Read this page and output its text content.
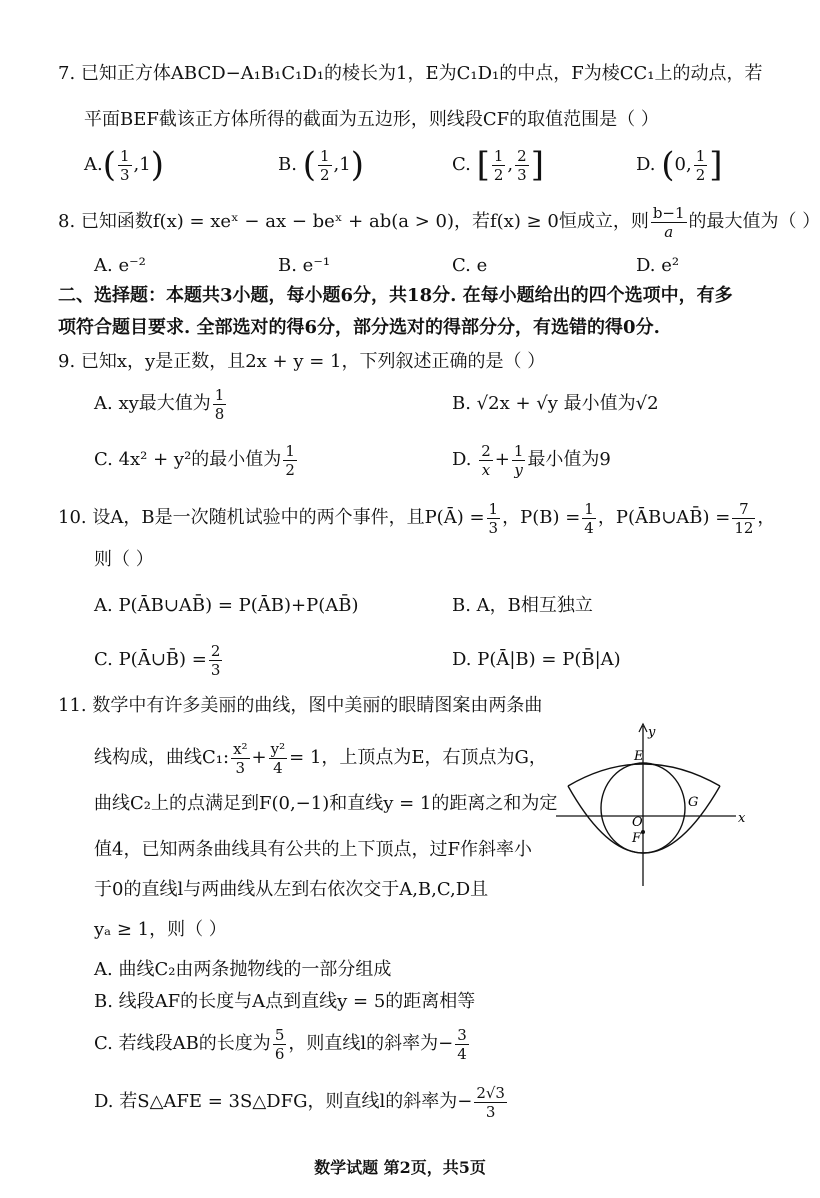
7. 已知正方体ABCD−A₁B₁C₁D₁的棱长为1，E为C₁D₁的中点，F为棱CC₁上的动点，若
平面BEF截该正方体所得的截面为五边形，则线段CF的取值范围是（ ）
$A.( \frac{1}{3} ,1)$	B. ( $\frac{1}{2} ,1$)	C. [ $\frac{1}{2}$ , $\frac{2}{3}$ ]	D. (0, $\frac{1}{2}$ ]
8. 已知函数f(x) = xeˣ − ax − beˣ + ab(a > 0)，若f(x) ≥ 0恒成立，则 $\frac{b-1}{a}$ 的最大值为（ ）
A. e⁻²	B. e⁻¹	C. e	D. e²
二、选择题：本题共3小题，每小题6分，共18分. 在每小题给出的四个选项中，有多
项符合题目要求. 全部选对的得6分，部分选对的得部分分，有选错的得0分.
9. 已知x，y是正数，且2x + y = 1，下列叙述正确的是（ ）
A. xy最大值为 $\frac{1}{8}$	B. √2x + √y 最小值为√2
C. 4x² + y²的最小值为 $\frac{1}{2}$	D. $\frac{2}{x} + \frac{1}{y}$ 最小值为9
10. 设A，B是一次随机试验中的两个事件，且P(Ā) = $\frac{1}{3}$ ，$P(B) = \frac{1}{4}$ ，P(ĀB∪AB̄) = $\frac{7}{12}$ ，
则（ ）
A. P(ĀB∪AB̄) = P(ĀB)+P(AB̄)	B. A，B相互独立
C. P(Ā∪B̄) = $\frac{2}{3}$	D. P(Ā|B) = P(B̄|A)
11. 数学中有许多美丽的曲线，图中美丽的眼睛图案由两条曲
线构成，曲线C₁: $\frac{\text{x²}}{3} + \frac{\text{y²}}{4} = 1$，上顶点为E，右顶点为G，
曲线C₂上的点满足到F(0,−1)和直线y = 1的距离之和为定
值4，已知两条曲线具有公共的上下顶点，过F作斜率小
于0的直线l与两曲线从左到右依次交于A,B,C,D且
yₐ ≥ 1，则（ ）
A. 曲线C₂由两条抛物线的一部分组成
B. 线段AF的长度与A点到直线y = 5的距离相等
C. 若线段AB的长度为 $\frac{5}{6}$ ，则直线l的斜率为− $\frac{3}{4}$
D. 若S△AFE = 3S△DFG，则直线l的斜率为− $\frac{2√3}{3}$
y
E
G
O
F
x
数学试题 第2页，共5页
